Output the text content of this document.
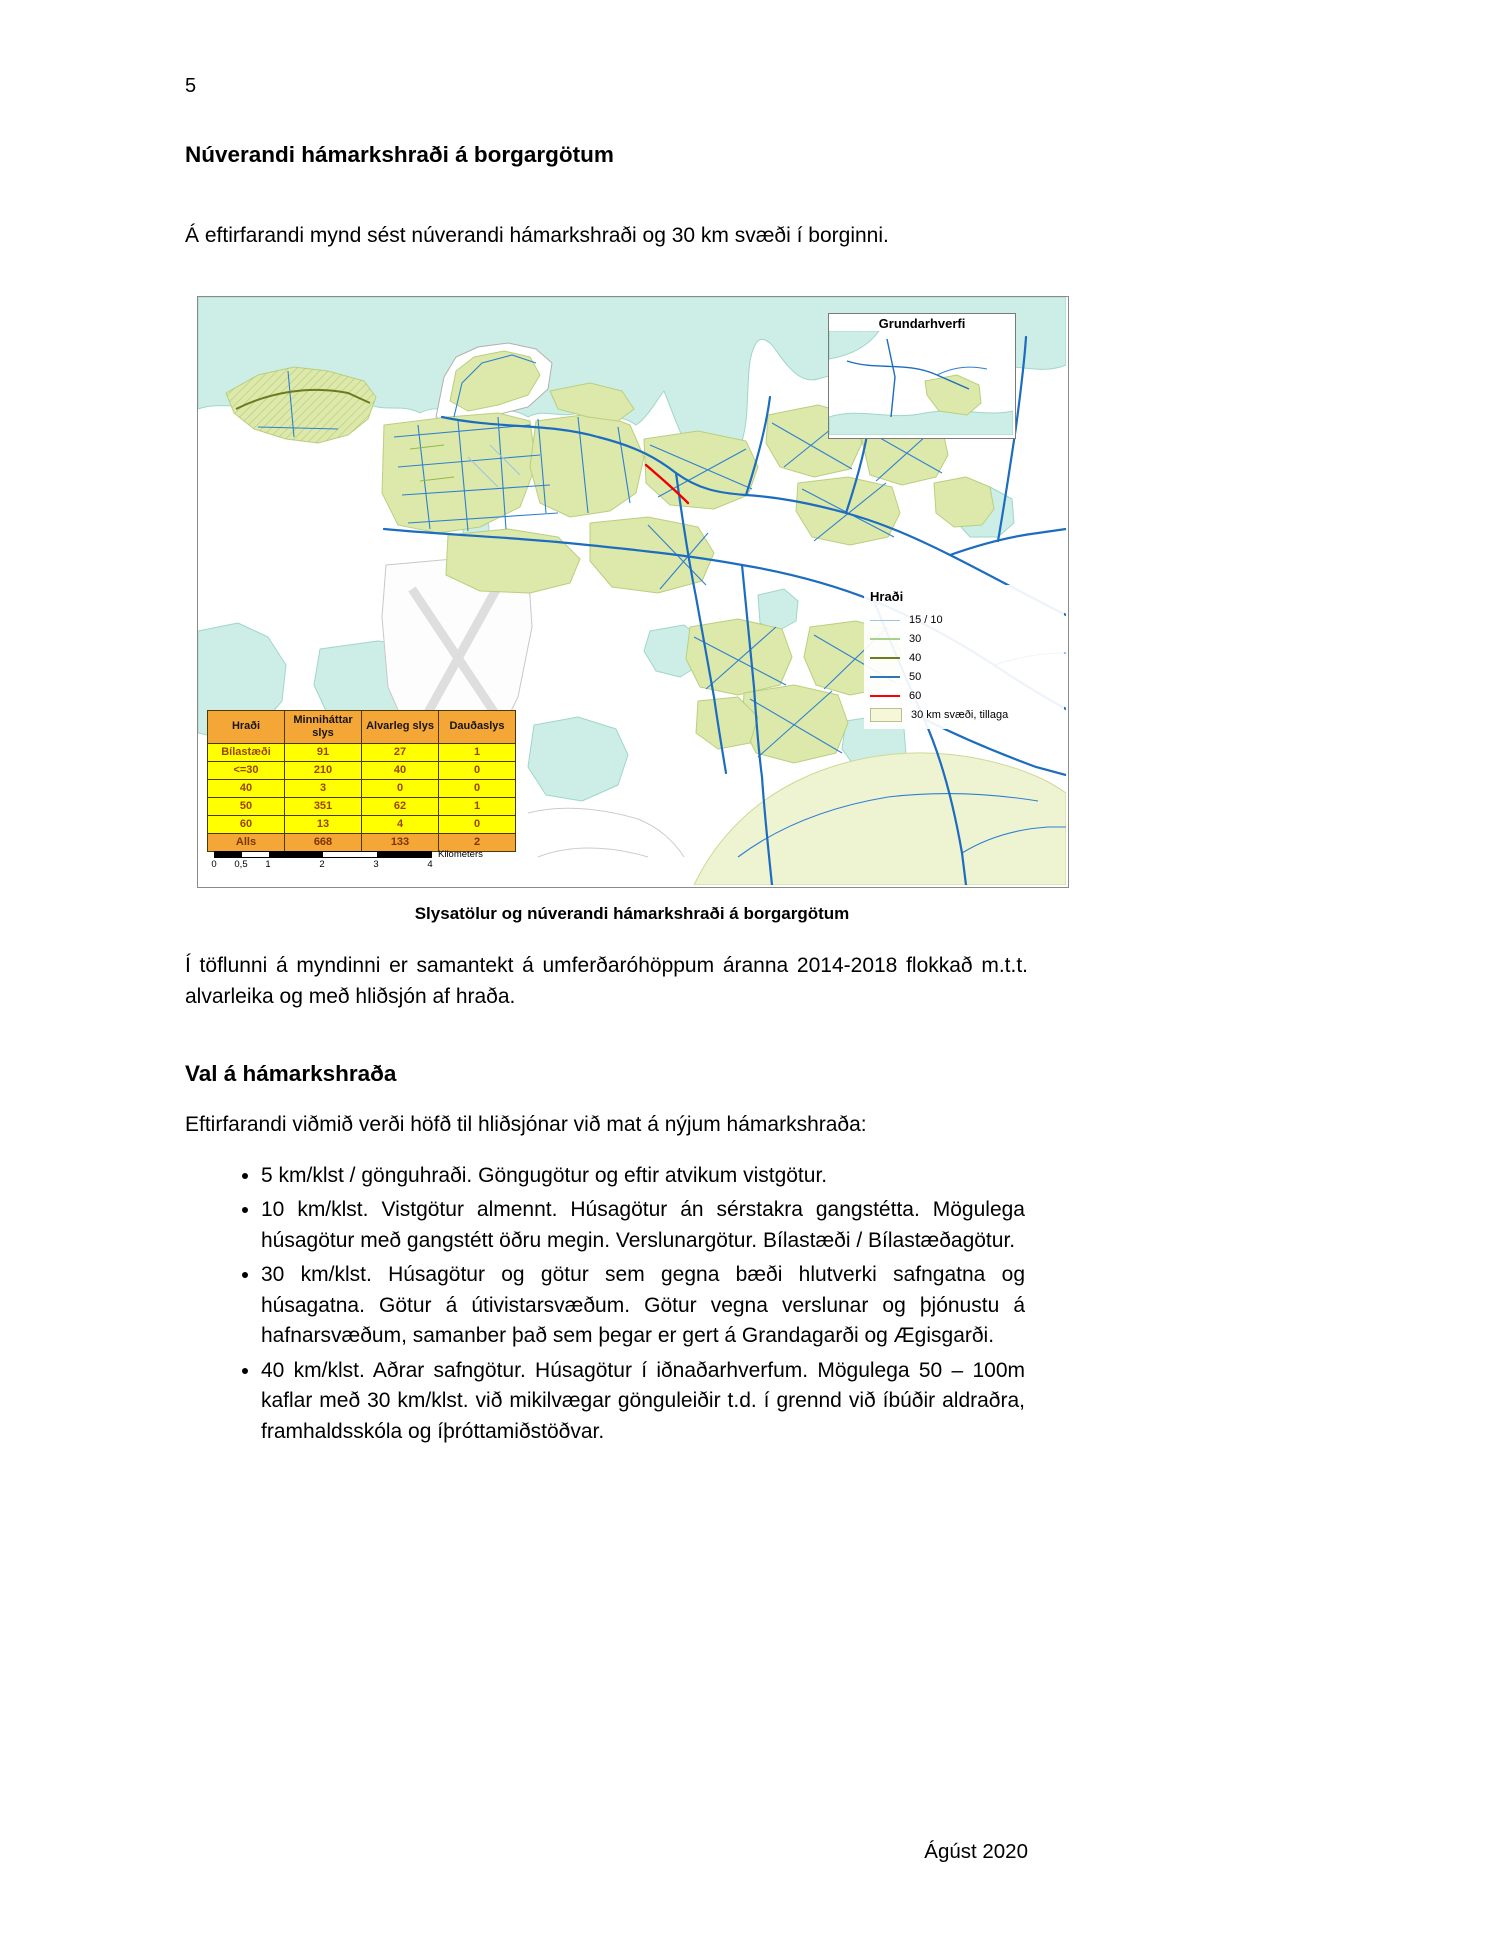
5
Núverandi hámarkshraði á borgargötum

Á eftirfarandi mynd sést núverandi hámarkshraði og 30 km svæði í borginni.

Grundarhverfi
Hraði
15 / 10
30
40
50
60
30 km svæði, tillaga
Hraði	Minniháttar slys	Alvarleg slys	Dauðaslys
Bílastæði	91	27	1
<=30	210	40	0
40	3	0	0
50	351	62	1
60	13	4	0
Alls	668	133	2
Kilometers
0 0,5 1	2	3	4
Slysatölur og núverandi hámarkshraði á borgargötum

Í töflunni á myndinni er samantekt á umferðaróhöppum áranna 2014-2018 flokkað m.t.t. alvarleika og með hliðsjón af hraða.

Val á hámarkshraða

Eftirfarandi viðmið verði höfð til hliðsjónar við mat á nýjum hámarkshraða:

• 5 km/klst / gönguhraði. Göngugötur og eftir atvikum vistgötur.
• 10 km/klst. Vistgötur almennt. Húsagötur án sérstakra gangstétta. Mögulega húsagötur með gangstétt öðru megin. Verslunargötur. Bílastæði / Bílastæðagötur.
• 30 km/klst. Húsagötur og götur sem gegna bæði hlutverki safngatna og húsagatna. Götur á útivistarsvæðum. Götur vegna verslunar og þjónustu á hafnarsvæðum, samanber það sem þegar er gert á Grandagarði og Ægisgarði.
• 40 km/klst. Aðrar safngötur. Húsagötur í iðnaðarhverfum. Mögulega 50 – 100m kaflar með 30 km/klst. við mikilvægar gönguleiðir t.d. í grennd við íbúðir aldraðra, framhaldsskóla og íþróttamiðstöðvar.
Ágúst 2020
